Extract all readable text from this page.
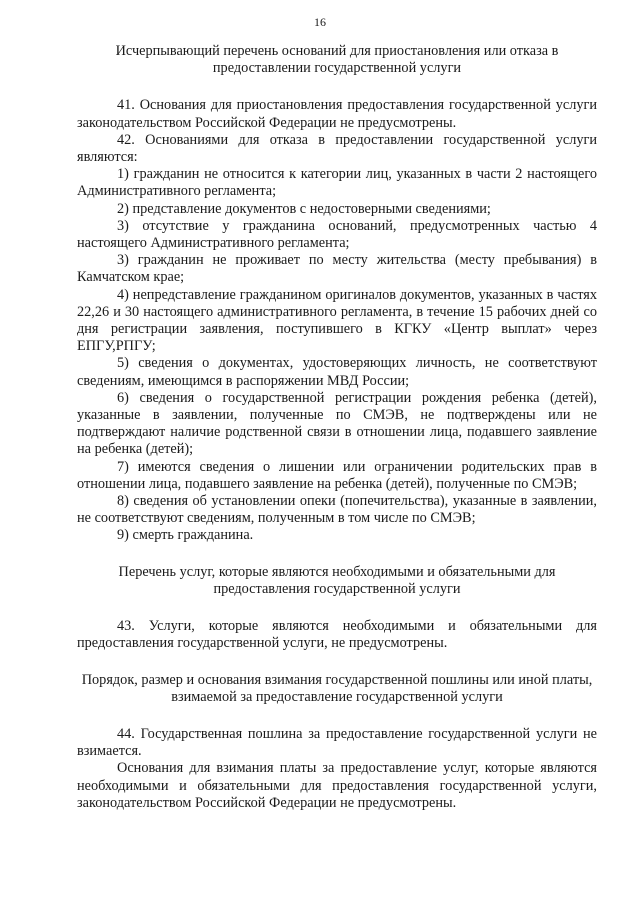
16

Исчерпывающий перечень оснований для приостановления или отказа в предоставлении государственной услуги

41. Основания для приостановления предоставления государственной услуги законодательством Российской Федерации не предусмотрены.

42. Основаниями для отказа в предоставлении государственной услуги являются:

1) гражданин не относится к категории лиц, указанных в части 2 настоящего Административного регламента;

2) представление документов с недостоверными сведениями;

3) отсутствие у гражданина оснований, предусмотренных частью 4 настоящего Административного регламента;

3) гражданин не проживает по месту жительства (месту пребывания) в Камчатском крае;

4) непредставление гражданином оригиналов документов, указанных в частях 22,26 и 30 настоящего административного регламента, в течение 15 рабочих дней со дня регистрации заявления, поступившего в КГКУ «Центр выплат» через ЕПГУ,РПГУ;

5) сведения о документах, удостоверяющих личность, не соответствуют сведениям, имеющимся в распоряжении МВД России;

6) сведения о государственной регистрации рождения ребенка (детей), указанные в заявлении, полученные по СМЭВ, не подтверждены или не подтверждают наличие родственной связи в отношении лица, подавшего заявление на ребенка (детей);

7) имеются сведения о лишении или ограничении родительских прав в отношении лица, подавшего заявление на ребенка (детей), полученные по СМЭВ;

8) сведения об установлении опеки (попечительства), указанные в заявлении, не соответствуют сведениям, полученным в том числе по СМЭВ;

9) смерть гражданина.

Перечень услуг, которые являются необходимыми и обязательными для предоставления государственной услуги

43. Услуги, которые являются необходимыми и обязательными для предоставления государственной услуги, не предусмотрены.

Порядок, размер и основания взимания государственной пошлины или иной платы, взимаемой за предоставление государственной услуги

44. Государственная пошлина за предоставление государственной услуги не взимается.

Основания для взимания платы за предоставление услуг, которые являются необходимыми и обязательными для предоставления государственной услуги, законодательством Российской Федерации не предусмотрены.
